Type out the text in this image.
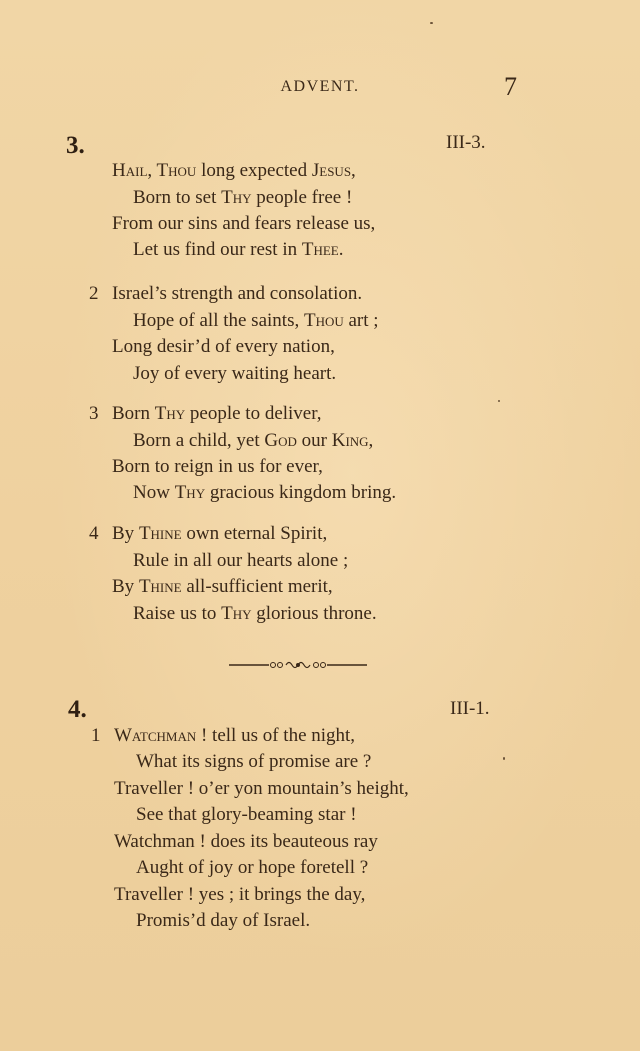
ADVENT.	7
3.	III-3.
Hail, Thou long expected Jesus,
Born to set Thy people free !
From our sins and fears release us,
Let us find our rest in Thee.
2 Israel’s strength and consolation.
Hope of all the saints, Thou art ;
Long desir’d of every nation,
Joy of every waiting heart.
3 Born Thy people to deliver,
Born a child, yet God our King,
Born to reign in us for ever,
Now Thy gracious kingdom bring.
4 By Thine own eternal Spirit,
Rule in all our hearts alone ;
By Thine all-sufficient merit,
Raise us to Thy glorious throne.
4.	III-1.
1 Watchman ! tell us of the night,
What its signs of promise are ?
Traveller ! o’er yon mountain’s height,
See that glory-beaming star !
Watchman ! does its beauteous ray
Aught of joy or hope foretell ?
Traveller ! yes ; it brings the day,
Promis’d day of Israel.
